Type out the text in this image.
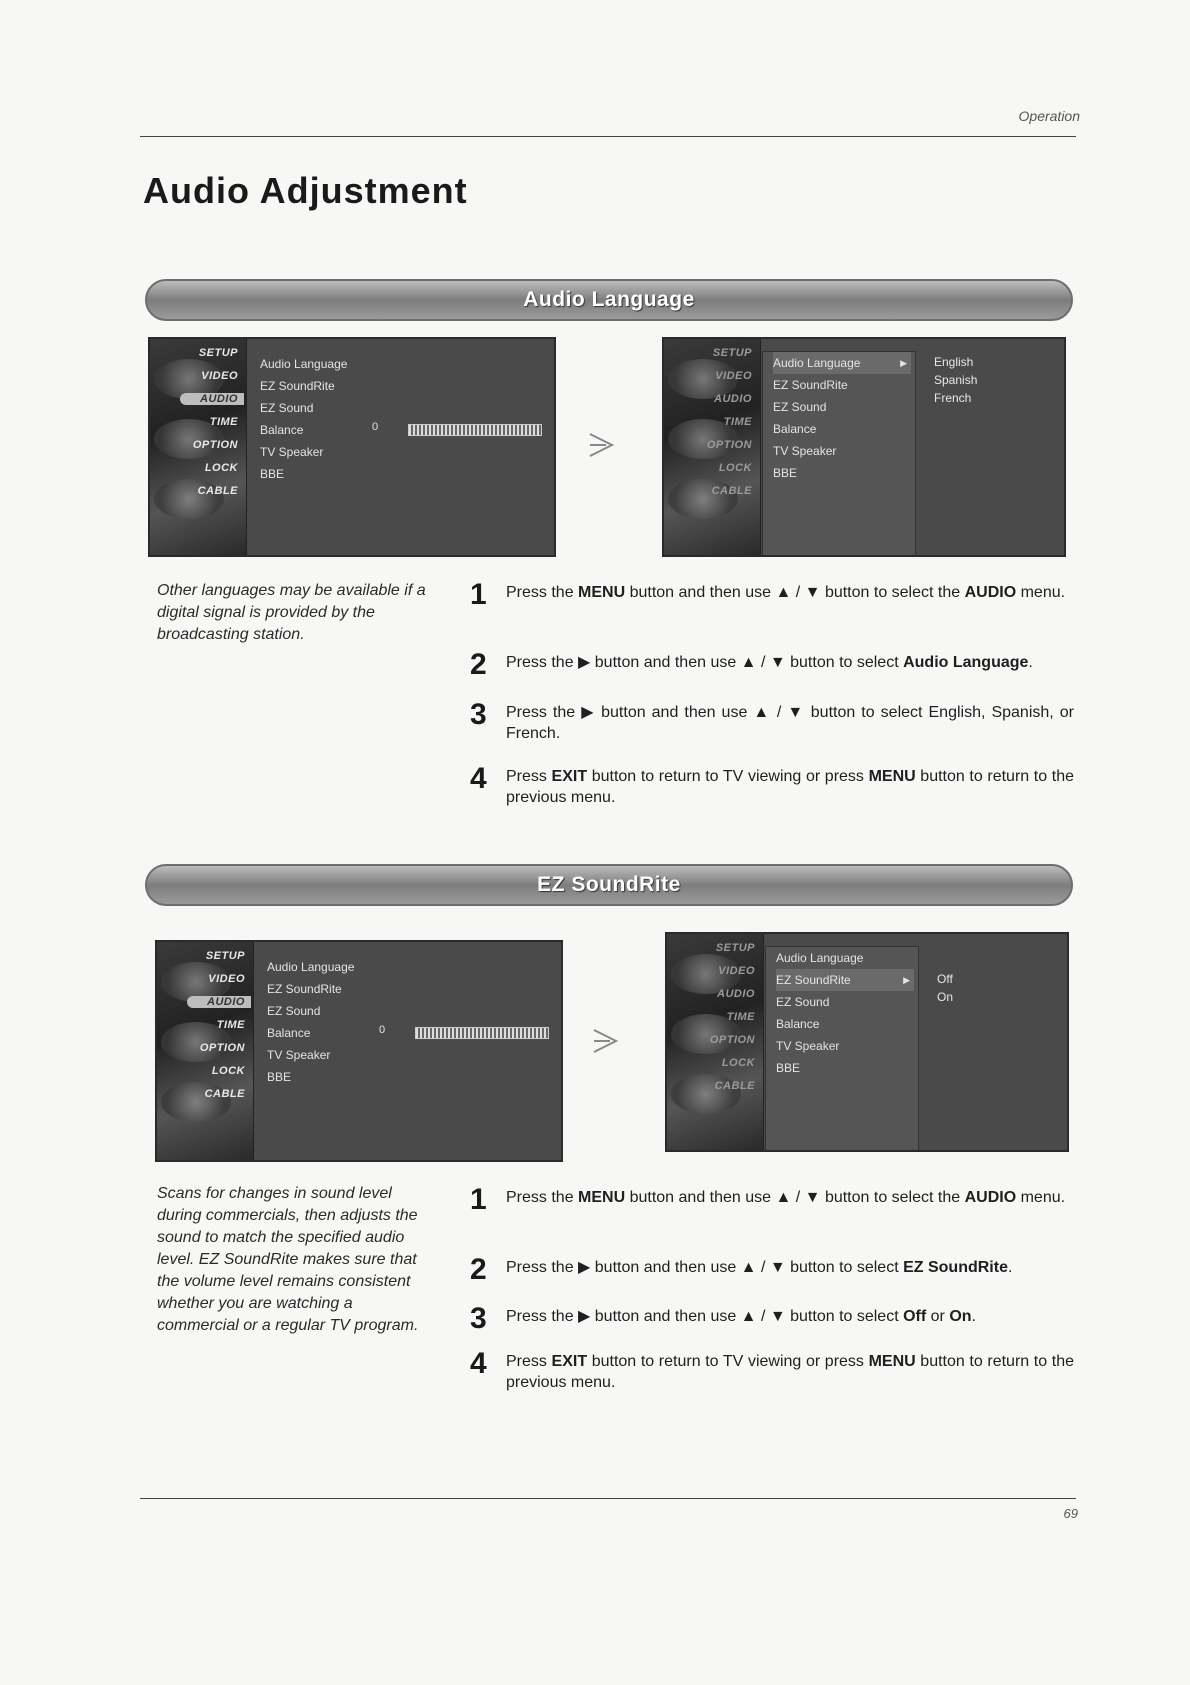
Operation
Audio Adjustment
Audio Language
SETUP
VIDEO
AUDIO
TIME
OPTION
LOCK
CABLE
Audio Language
EZ SoundRite
EZ Sound
Balance
TV Speaker
BBE
0
SETUP
VIDEO
AUDIO
TIME
OPTION
LOCK
CABLE
Audio Language	▶
EZ SoundRite
EZ Sound
Balance
TV Speaker
BBE
English
Spanish
French
Other languages may be available if a digital signal is provided by the broadcasting station.
1 Press the MENU button and then use ▲ / ▼ button to select the AUDIO menu.
2 Press the ▶ button and then use ▲ / ▼ button to select Audio Language.
3 Press the ▶ button and then use ▲ / ▼ button to select English, Spanish, or French.
4 Press EXIT button to return to TV viewing or press MENU button to return to the previous menu.
EZ SoundRite
SETUP
VIDEO
AUDIO
TIME
OPTION
LOCK
CABLE
Audio Language
EZ SoundRite
EZ Sound
Balance
TV Speaker
BBE
0
SETUP
VIDEO
AUDIO
TIME
OPTION
LOCK
CABLE
Audio Language
EZ SoundRite	▶
EZ Sound
Balance
TV Speaker
BBE
Off
On
Scans for changes in sound level during commercials, then adjusts the sound to match the specified audio level. EZ SoundRite makes sure that the volume level remains consistent whether you are watching a commercial or a regular TV program.
1 Press the MENU button and then use ▲ / ▼ button to select the AUDIO menu.
2 Press the ▶ button and then use ▲ / ▼ button to select EZ SoundRite.
3 Press the ▶ button and then use ▲ / ▼ button to select Off or On.
4 Press EXIT button to return to TV viewing or press MENU button to return to the previous menu.
69
